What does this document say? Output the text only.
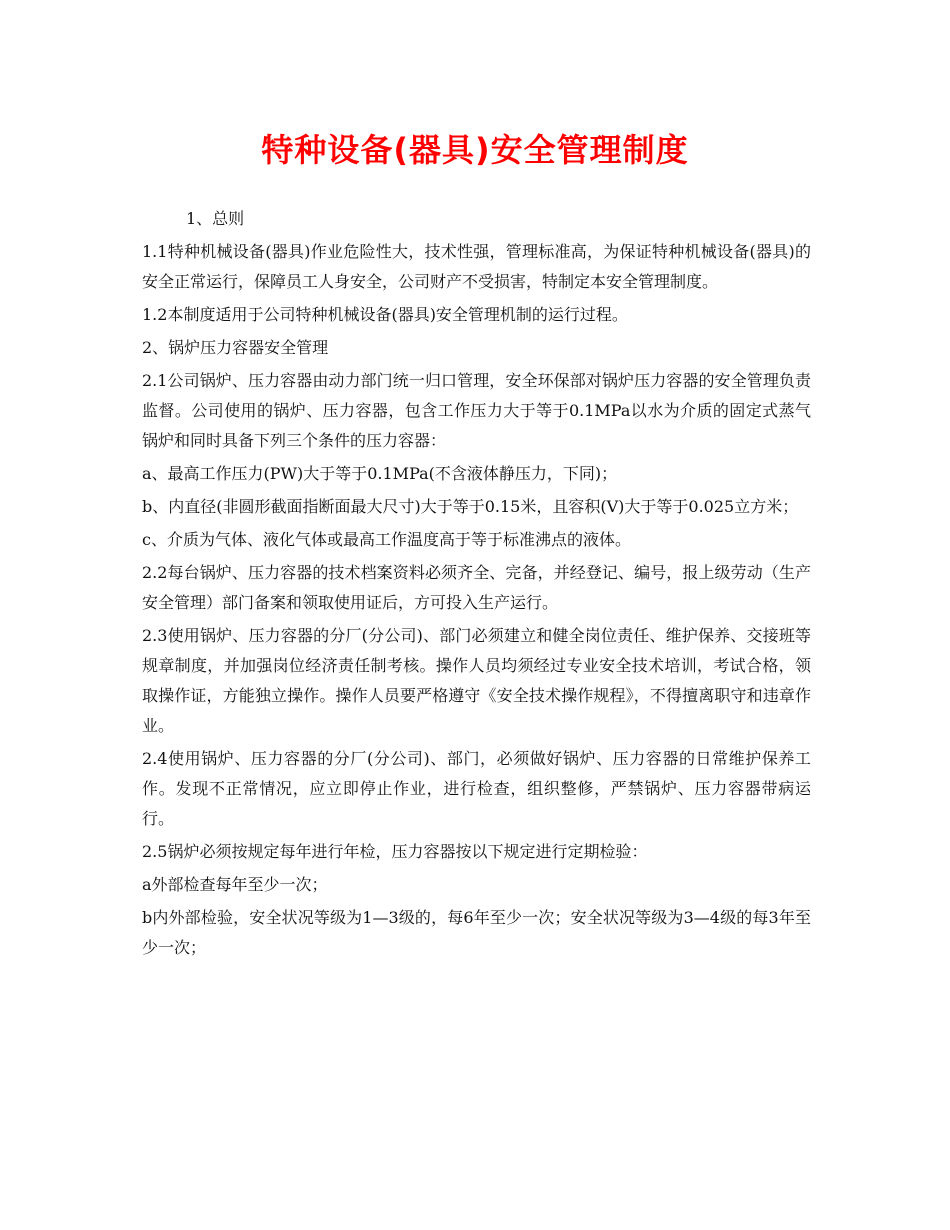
特种设备(器具)安全管理制度

1、总则

1.1特种机械设备(器具)作业危险性大，技术性强，管理标准高，为保证特种机械设备(器具)的安全正常运行，保障员工人身安全，公司财产不受损害，特制定本安全管理制度。

1.2本制度适用于公司特种机械设备(器具)安全管理机制的运行过程。

2、锅炉压力容器安全管理

2.1公司锅炉、压力容器由动力部门统一归口管理，安全环保部对锅炉压力容器的安全管理负责监督。公司使用的锅炉、压力容器，包含工作压力大于等于0.1MPa以水为介质的固定式蒸气锅炉和同时具备下列三个条件的压力容器：

a、最高工作压力(PW)大于等于0.1MPa(不含液体静压力，下同)；

b、内直径(非圆形截面指断面最大尺寸)大于等于0.15米，且容积(V)大于等于0.025立方米；

c、介质为气体、液化气体或最高工作温度高于等于标准沸点的液体。

2.2每台锅炉、压力容器的技术档案资料必须齐全、完备，并经登记、编号，报上级劳动（生产安全管理）部门备案和领取使用证后，方可投入生产运行。

2.3使用锅炉、压力容器的分厂(分公司)、部门必须建立和健全岗位责任、维护保养、交接班等规章制度，并加强岗位经济责任制考核。操作人员均须经过专业安全技术培训，考试合格，领取操作证，方能独立操作。操作人员要严格遵守《安全技术操作规程》，不得擅离职守和违章作业。

2.4使用锅炉、压力容器的分厂(分公司)、部门，必须做好锅炉、压力容器的日常维护保养工作。发现不正常情况，应立即停止作业，进行检查，组织整修，严禁锅炉、压力容器带病运行。

2.5锅炉必须按规定每年进行年检，压力容器按以下规定进行定期检验：

a外部检查每年至少一次；

b内外部检验，安全状况等级为1—3级的，每6年至少一次；安全状况等级为3—4级的每3年至少一次；
